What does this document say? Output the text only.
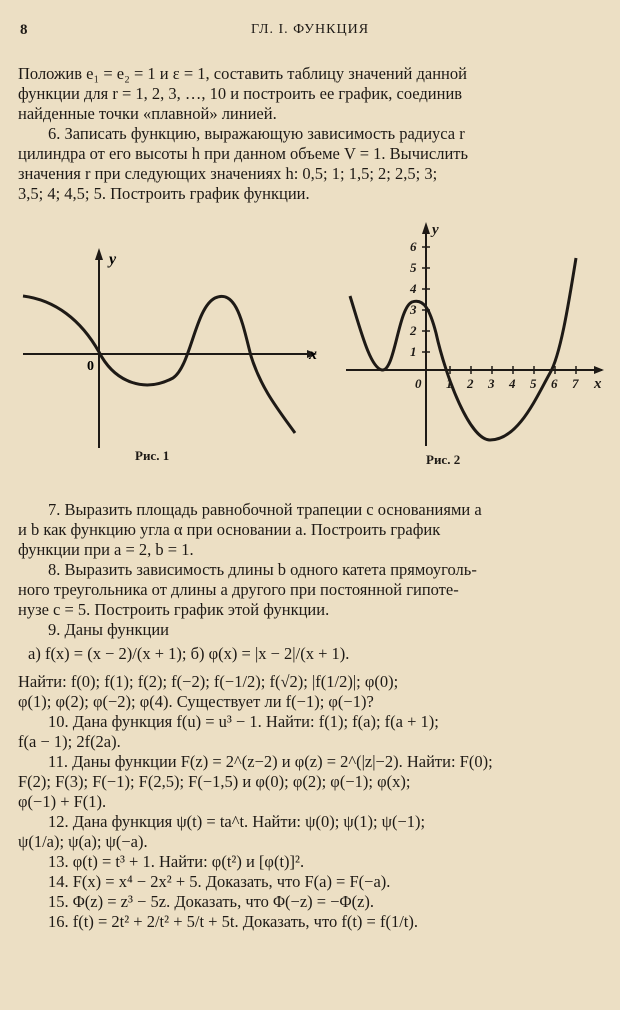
8	ГЛ. I. ФУНКЦИЯ
Положив e₁ = e₂ = 1 и ε = 1, составить таблицу значений данной
функции для r = 1, 2, 3, …, 10 и построить ее график, соединив
найденные точки «плавной» линией.
6. Записать функцию, выражающую зависимость радиуса r
цилиндра от его высоты h при данном объеме V = 1. Вычислить
значения r при следующих значениях h: 0,5; 1; 1,5; 2; 2,5; 3;
3,5; 4; 4,5; 5. Построить график функции.
y
x
0
Рис. 1
0 1 2 3 4 5 6 7 x
1
2
3
4
5
6
y
Рис. 2
7. Выразить площадь равнобочной трапеции с основаниями a
и b как функцию угла α при основании a. Построить график
функции при a = 2, b = 1.
8. Выразить зависимость длины b одного катета прямоуголь-
ного треугольника от длины a другого при постоянной гипоте-
нузе c = 5. Построить график этой функции.
9. Даны функции
а) f(x) = (x − 2)/(x + 1); б) φ(x) = |x − 2|/(x + 1).
Найти: f(0); f(1); f(2); f(−2); f(−1/2); f(√2); |f(1/2)|; φ(0);
φ(1); φ(2); φ(−2); φ(4). Существует ли f(−1); φ(−1)?
10. Дана функция f(u) = u³ − 1. Найти: f(1); f(a); f(a + 1);
f(a − 1); 2f(2a).
11. Даны функции F(z) = 2^(z−2) и φ(z) = 2^(|z|−2). Найти: F(0);
F(2); F(3); F(−1); F(2,5); F(−1,5) и φ(0); φ(2); φ(−1); φ(x);
φ(−1) + F(1).
12. Дана функция ψ(t) = ta^t. Найти: ψ(0); ψ(1); ψ(−1);
ψ(1/a); ψ(a); ψ(−a).
13. φ(t) = t³ + 1. Найти: φ(t²) и [φ(t)]².
14. F(x) = x⁴ − 2x² + 5. Доказать, что F(a) = F(−a).
15. Φ(z) = z³ − 5z. Доказать, что Φ(−z) = −Φ(z).
16. f(t) = 2t² + 2/t² + 5/t + 5t. Доказать, что f(t) = f(1/t).
